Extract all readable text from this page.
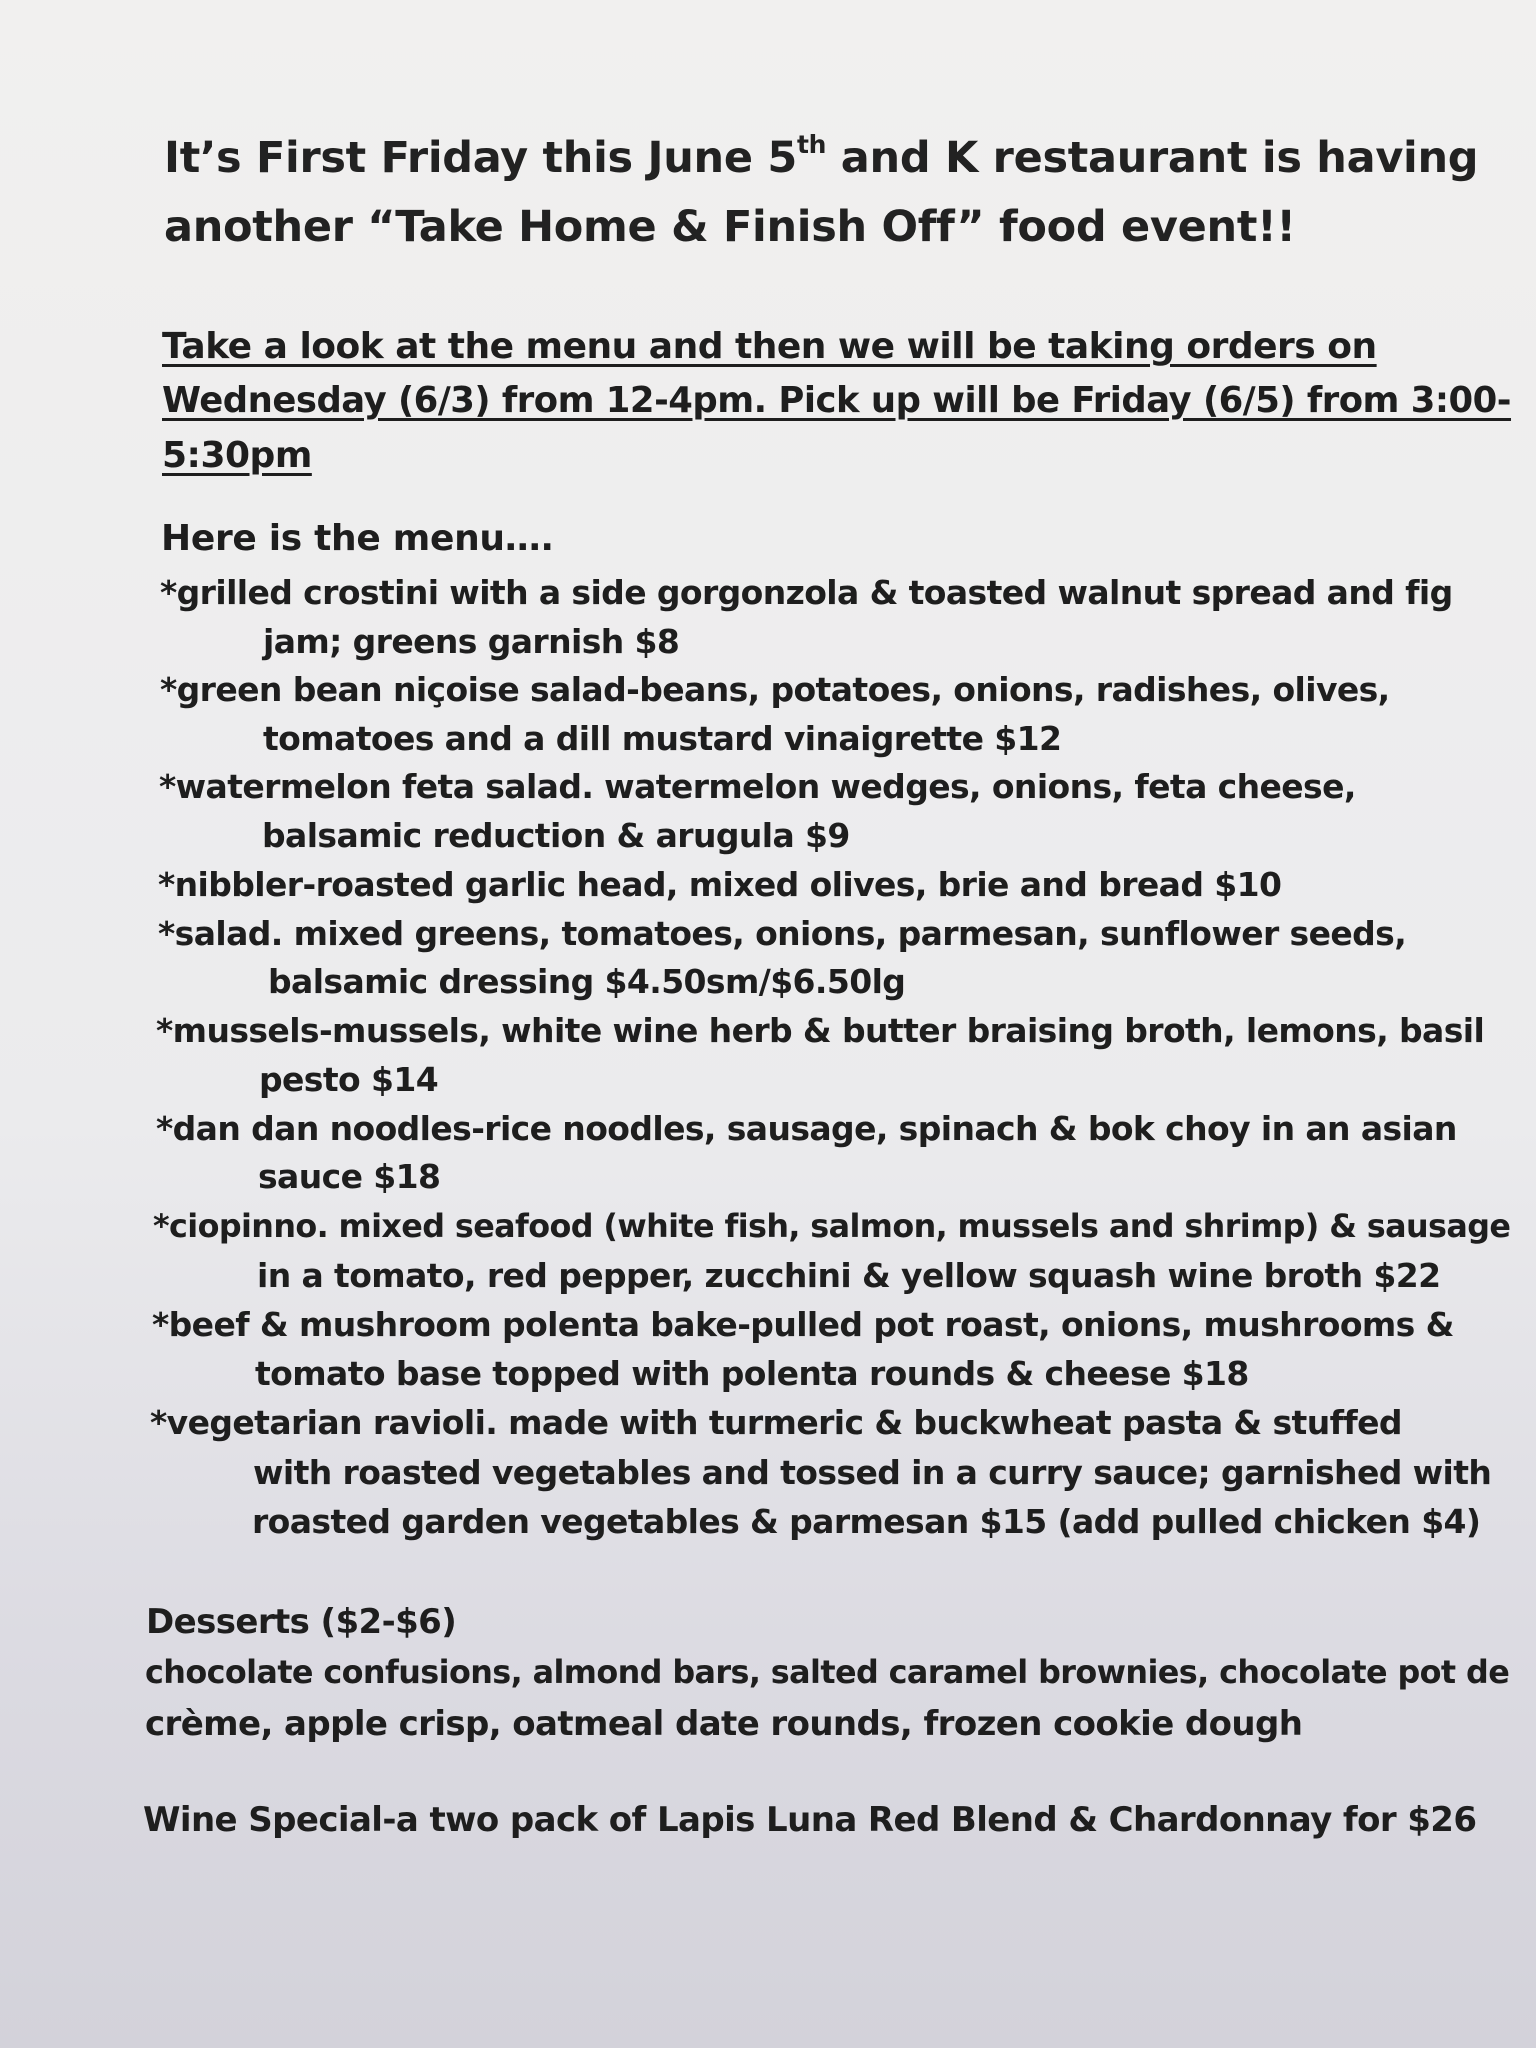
It’s First Friday this June 5th and K restaurant is having
another “Take Home & Finish Off” food event!!
Take a look at the menu and then we will be taking orders on
Wednesday (6/3) from 12-4pm. Pick up will be Friday (6/5) from 3:00-
5:30pm
Here is the menu….
*grilled crostini with a side gorgonzola & toasted walnut spread and fig
jam; greens garnish $8
*green bean niçoise salad-beans, potatoes, onions, radishes, olives,
tomatoes and a dill mustard vinaigrette $12
*watermelon feta salad. watermelon wedges, onions, feta cheese,
balsamic reduction & arugula $9
*nibbler-roasted garlic head, mixed olives, brie and bread $10
*salad. mixed greens, tomatoes, onions, parmesan, sunflower seeds,
balsamic dressing $4.50sm/$6.50lg
*mussels-mussels, white wine herb & butter braising broth, lemons, basil
pesto $14
*dan dan noodles-rice noodles, sausage, spinach & bok choy in an asian
sauce $18
*ciopinno. mixed seafood (white fish, salmon, mussels and shrimp) & sausage
in a tomato, red pepper, zucchini & yellow squash wine broth $22
*beef & mushroom polenta bake-pulled pot roast, onions, mushrooms &
tomato base topped with polenta rounds & cheese $18
*vegetarian ravioli. made with turmeric & buckwheat pasta & stuffed
with roasted vegetables and tossed in a curry sauce; garnished with
roasted garden vegetables & parmesan $15 (add pulled chicken $4)
Desserts ($2-$6)
chocolate confusions, almond bars, salted caramel brownies, chocolate pot de
crème, apple crisp, oatmeal date rounds, frozen cookie dough
Wine Special-a two pack of Lapis Luna Red Blend & Chardonnay for $26
